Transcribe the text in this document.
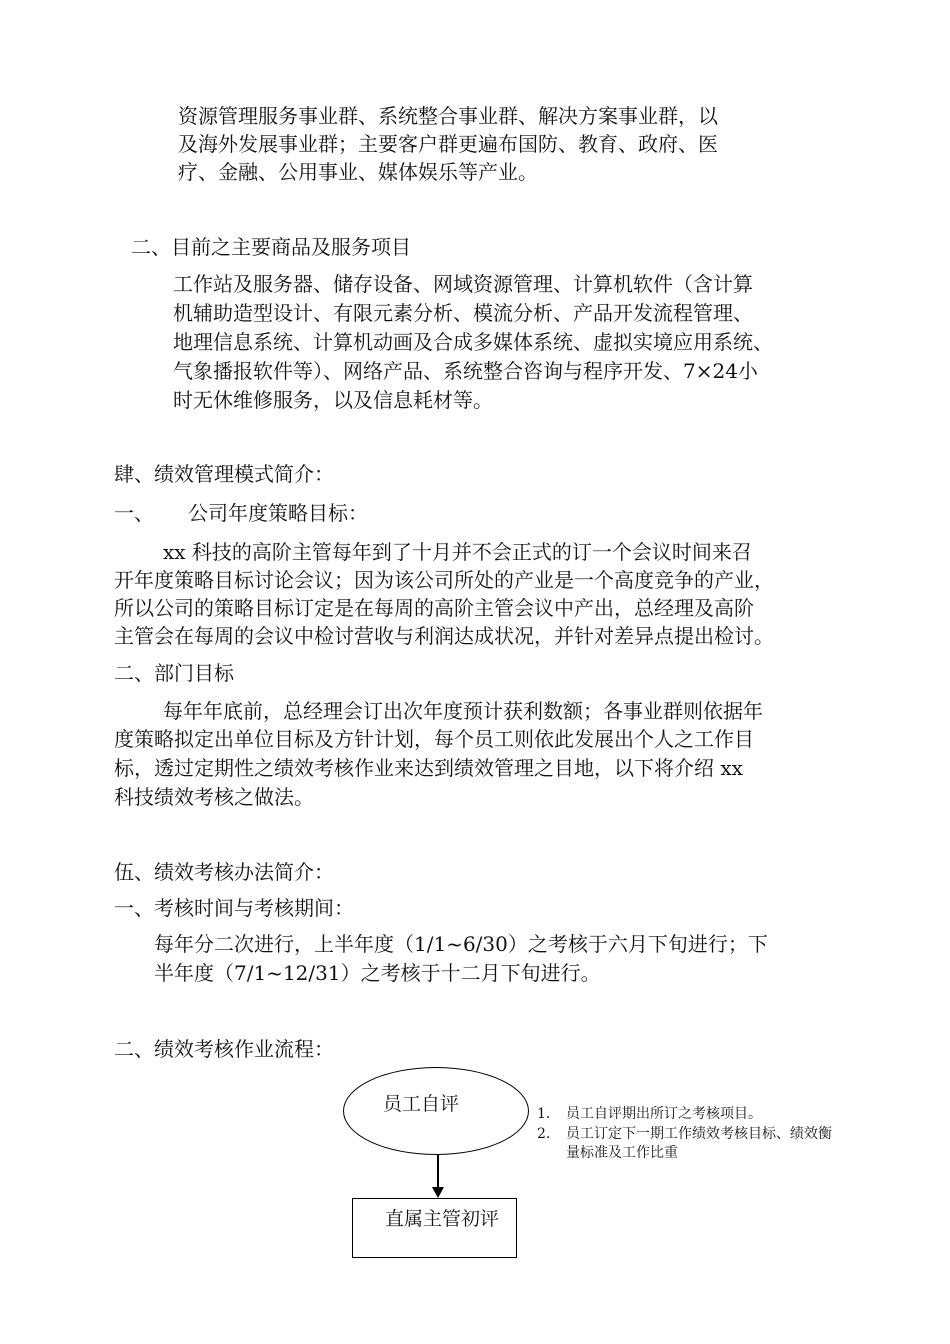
资源管理服务事业群、系统整合事业群、解决方案事业群，以
及海外发展事业群；主要客户群更遍布国防、教育、政府、医
疗、金融、公用事业、媒体娱乐等产业。
二、目前之主要商品及服务项目
工作站及服务器、储存设备、网域资源管理、计算机软件（含计算
机辅助造型设计、有限元素分析、模流分析、产品开发流程管理、
地理信息系统、计算机动画及合成多媒体系统、虚拟实境应用系统、
气象播报软件等）、网络产品、系统整合咨询与程序开发、7×24小
时无休维修服务，以及信息耗材等。
肆、绩效管理模式简介：
一、 公司年度策略目标：
xx 科技的高阶主管每年到了十月并不会正式的订一个会议时间来召
开年度策略目标讨论会议；因为该公司所处的产业是一个高度竞争的产业，
所以公司的策略目标订定是在每周的高阶主管会议中产出，总经理及高阶
主管会在每周的会议中检讨营收与利润达成状况，并针对差异点提出检讨。
二、部门目标
每年年底前，总经理会订出次年度预计获利数额；各事业群则依据年
度策略拟定出单位目标及方针计划，每个员工则依此发展出个人之工作目
标，透过定期性之绩效考核作业来达到绩效管理之目地，以下将介绍 xx
科技绩效考核之做法。
伍、绩效考核办法简介：
一、考核时间与考核期间：
每年分二次进行，上半年度（1/1~6/30）之考核于六月下旬进行；下
半年度（7/1~12/31）之考核于十二月下旬进行。
二、绩效考核作业流程：
员工自评
直属主管初评
1. 员工自评期出所订之考核项目。
2. 员工订定下一期工作绩效考核目标、绩效衡
量标准及工作比重
